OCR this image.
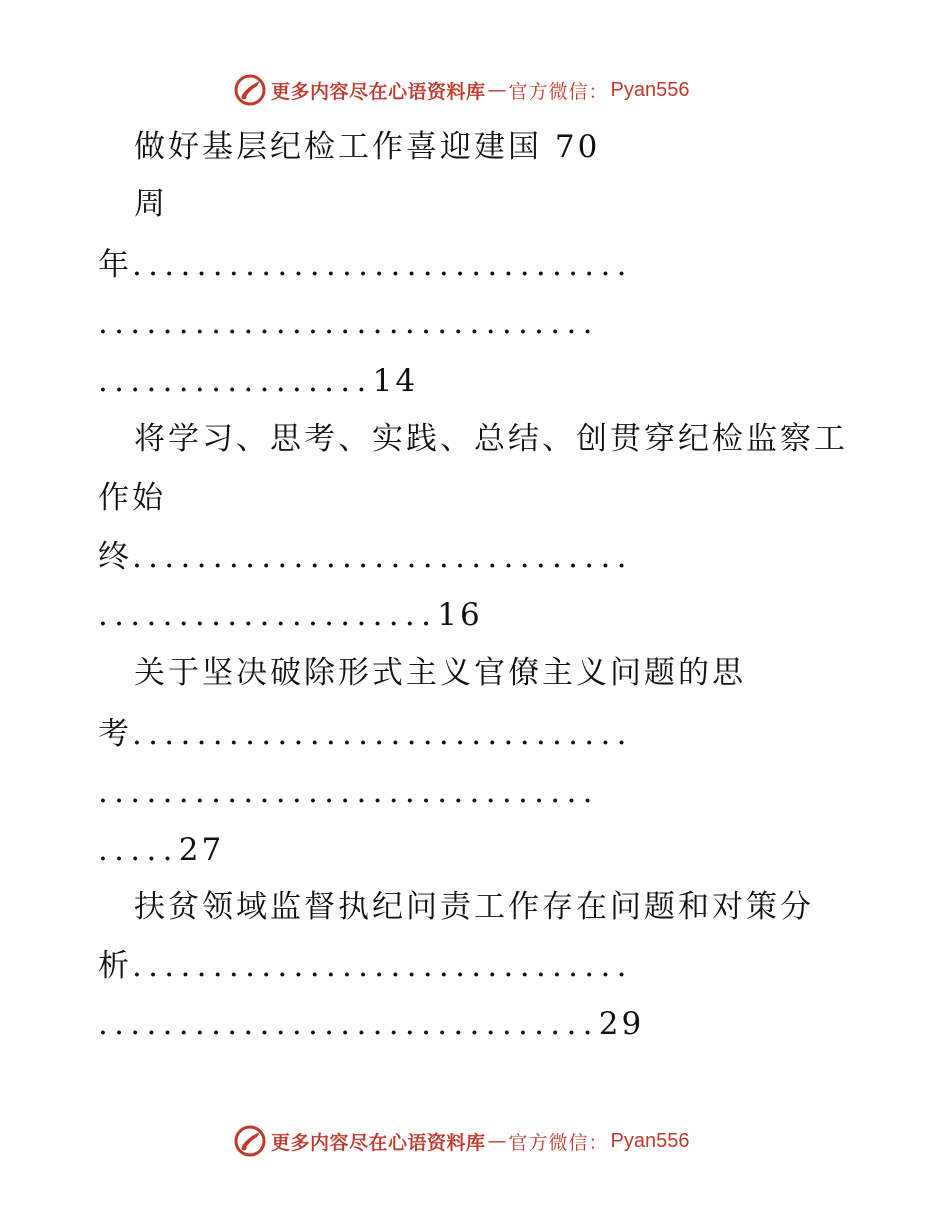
更多内容尽在心语资料库 — 官方微信： Pyan556
做好基层纪检工作喜迎建国 70
周
年...............................
...............................
.................14
将学习、思考、实践、总结、创贯穿纪检监察工
作始
终...............................
.....................16
关于坚决破除形式主义官僚主义问题的思
考...............................
...............................
.....27
扶贫领域监督执纪问责工作存在问题和对策分
析...............................
...............................29
更多内容尽在心语资料库 — 官方微信： Pyan556
